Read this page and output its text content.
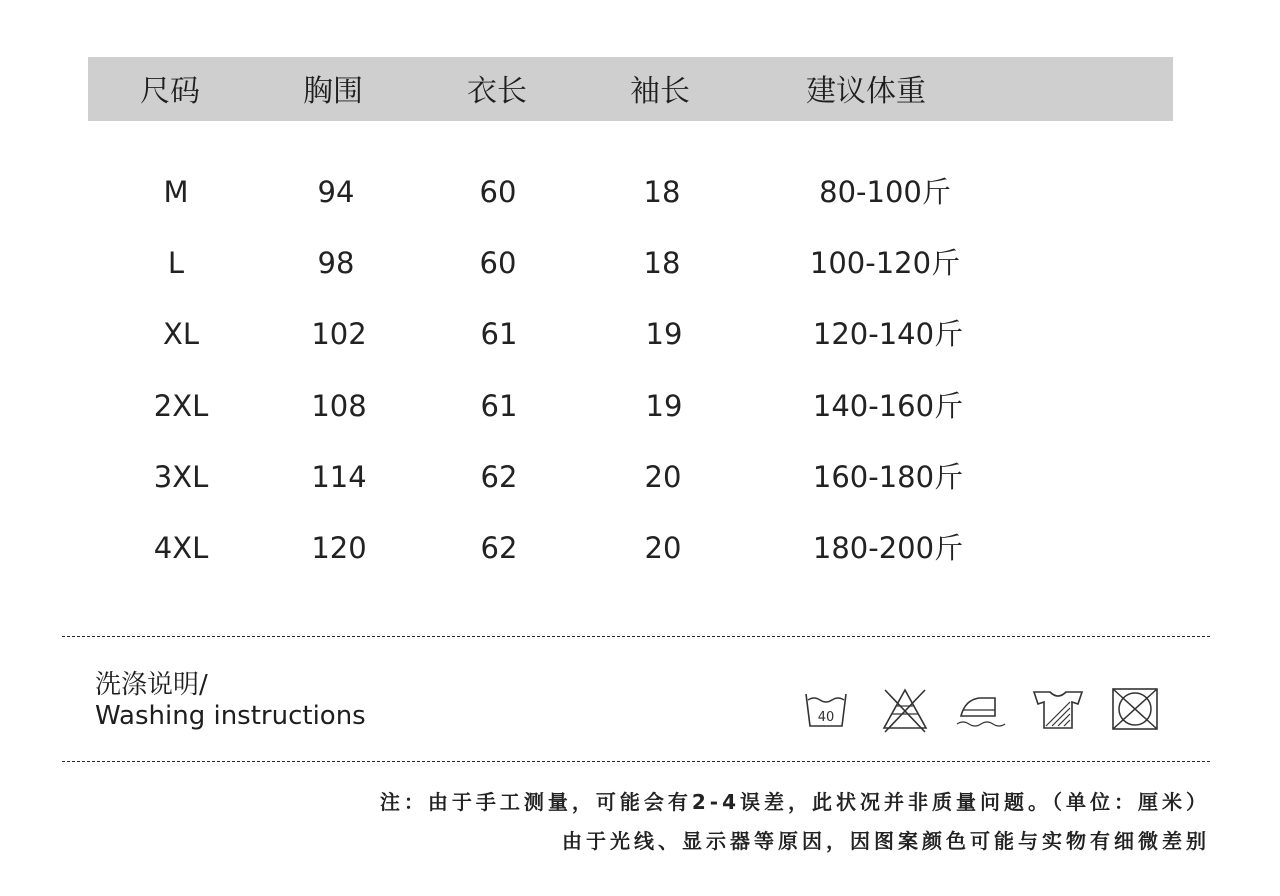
尺码	胸围	衣长	袖长	建议体重
M	94	60	18	80-100斤
L	98	60	18	100-120斤
XL	102	61	19	120-140斤
2XL	108	61	19	140-160斤
3XL	114	62	20	160-180斤
4XL	120	62	20	180-200斤
洗涤说明/
Washing instructions	40
注：由于手工测量，可能会有2-4误差，此状况并非质量问题。（单位：厘米）
由于光线、显示器等原因，因图案颜色可能与实物有细微差别
